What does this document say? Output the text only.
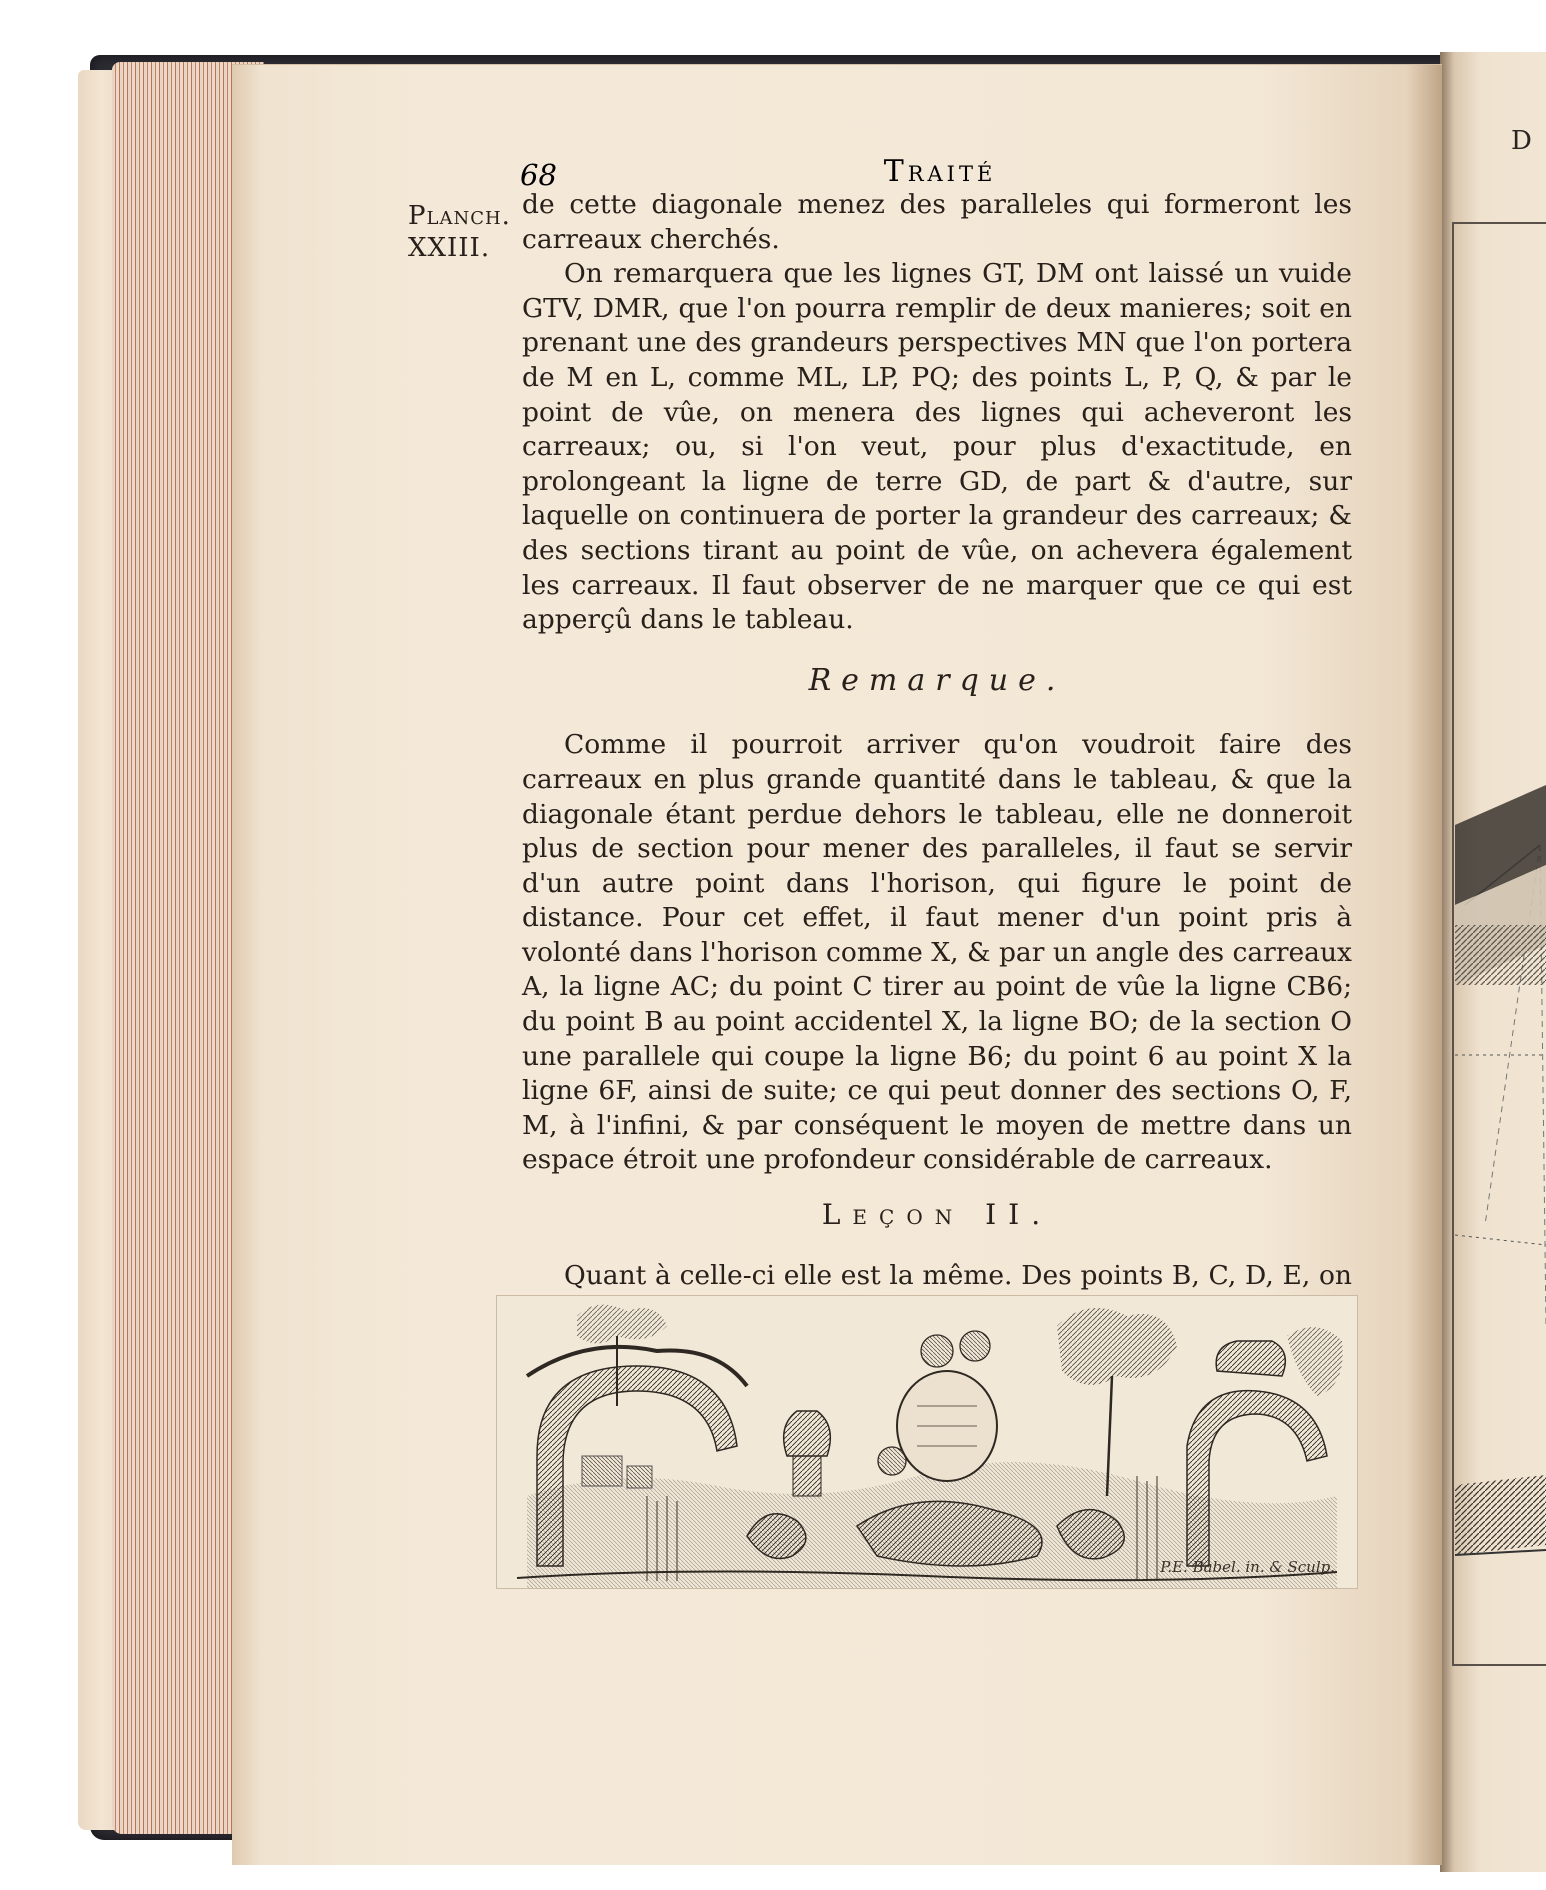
D
68	Traité
Planch.
XXIII.

de cette diagonale menez des paralleles qui formeront les carreaux cherchés.

On remarquera que les lignes GT, DM ont laissé un vuide GTV, DMR, que l'on pourra remplir de deux manieres; soit en prenant une des grandeurs perspectives MN que l'on portera de M en L, comme ML, LP, PQ; des points L, P, Q, & par le point de vûe, on menera des lignes qui acheveront les carreaux; ou, si l'on veut, pour plus d'exactitude, en prolongeant la ligne de terre GD, de part & d'autre, sur laquelle on continuera de porter la grandeur des carreaux; & des sections tirant au point de vûe, on achevera également les carreaux. Il faut observer de ne marquer que ce qui est apperçû dans le tableau.

Remarque.

Comme il pourroit arriver qu'on voudroit faire des carreaux en plus grande quantité dans le tableau, & que la diagonale étant perdue dehors le tableau, elle ne donneroit plus de section pour mener des paralleles, il faut se servir d'un autre point dans l'horison, qui figure le point de distance. Pour cet effet, il faut mener d'un point pris à volonté dans l'horison comme X, & par un angle des carreaux A, la ligne AC; du point C tirer au point de vûe la ligne CB6; du point B au point accidentel X, la ligne BO; de la section O une parallele qui coupe la ligne B6; du point 6 au point X la ligne 6F, ainsi de suite; ce qui peut donner des sections O, F, M, à l'infini, & par conséquent le moyen de mettre dans un espace étroit une profondeur considérable de carreaux.

Leçon II.

Quant à celle-ci elle est la même. Des points B, C, D, E, on

P.E. Babel. in. & Sculp.
